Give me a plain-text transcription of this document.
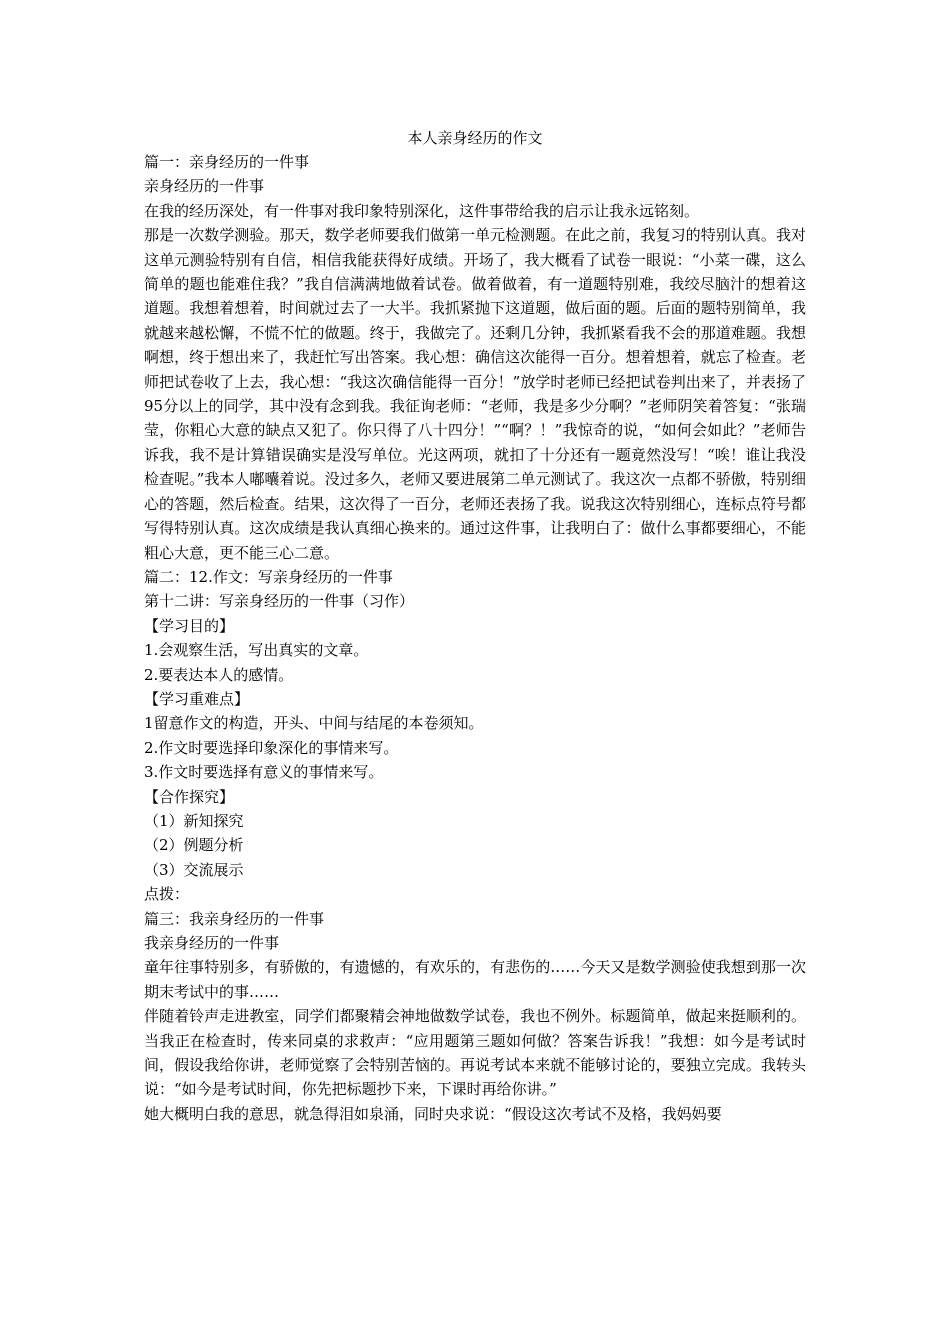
本人亲身经历的作文

篇一：亲身经历的一件事

亲身经历的一件事

在我的经历深处，有一件事对我印象特别深化，这件事带给我的启示让我永远铭刻。

那是一次数学测验。那天，数学老师要我们做第一单元检测题。在此之前，我复习的特别认真。我对这单元测验特别有自信，相信我能获得好成绩。开场了，我大概看了试卷一眼说：“小菜一碟，这么简单的题也能难住我？”我自信满满地做着试卷。做着做着，有一道题特别难，我绞尽脑汁的想着这道题。我想着想着，时间就过去了一大半。我抓紧抛下这道题，做后面的题。后面的题特别简单，我就越来越松懈，不慌不忙的做题。终于，我做完了。还剩几分钟，我抓紧看我不会的那道难题。我想啊想，终于想出来了，我赶忙写出答案。我心想：确信这次能得一百分。想着想着，就忘了检查。老师把试卷收了上去，我心想：“我这次确信能得一百分！”放学时老师已经把试卷判出来了，并表扬了95分以上的同学，其中没有念到我。我征询老师：“老师，我是多少分啊？”老师阴笑着答复：“张瑞莹，你粗心大意的缺点又犯了。你只得了八十四分！”“啊？！”我惊奇的说，“如何会如此？”老师告诉我，我不是计算错误确实是没写单位。光这两项，就扣了十分还有一题竟然没写！“唉！谁让我没检查呢。”我本人嘟囔着说。没过多久，老师又要进展第二单元测试了。我这次一点都不骄傲，特别细心的答题，然后检查。结果，这次得了一百分，老师还表扬了我。说我这次特别细心，连标点符号都写得特别认真。这次成绩是我认真细心换来的。通过这件事，让我明白了：做什么事都要细心，不能粗心大意，更不能三心二意。

篇二：12.作文：写亲身经历的一件事

第十二讲：写亲身经历的一件事（习作）

【学习目的】

1.会观察生活，写出真实的文章。

2.要表达本人的感情。

【学习重难点】

1留意作文的构造，开头、中间与结尾的本卷须知。

2.作文时要选择印象深化的事情来写。

3.作文时要选择有意义的事情来写。

【合作探究】

（1）新知探究

（2）例题分析

（3）交流展示

点拨：

篇三：我亲身经历的一件事

我亲身经历的一件事

童年往事特别多，有骄傲的，有遗憾的，有欢乐的，有悲伤的……今天又是数学测验使我想到那一次期末考试中的事……

伴随着铃声走进教室，同学们都聚精会神地做数学试卷，我也不例外。标题简单，做起来挺顺利的。当我正在检查时，传来同桌的求救声：“应用题第三题如何做？答案告诉我！”我想：如今是考试时间，假设我给你讲，老师觉察了会特别苦恼的。再说考试本来就不能够讨论的，要独立完成。我转头说：“如今是考试时间，你先把标题抄下来，下课时再给你讲。”

她大概明白我的意思，就急得泪如泉涌，同时央求说：“假设这次考试不及格，我妈妈要
